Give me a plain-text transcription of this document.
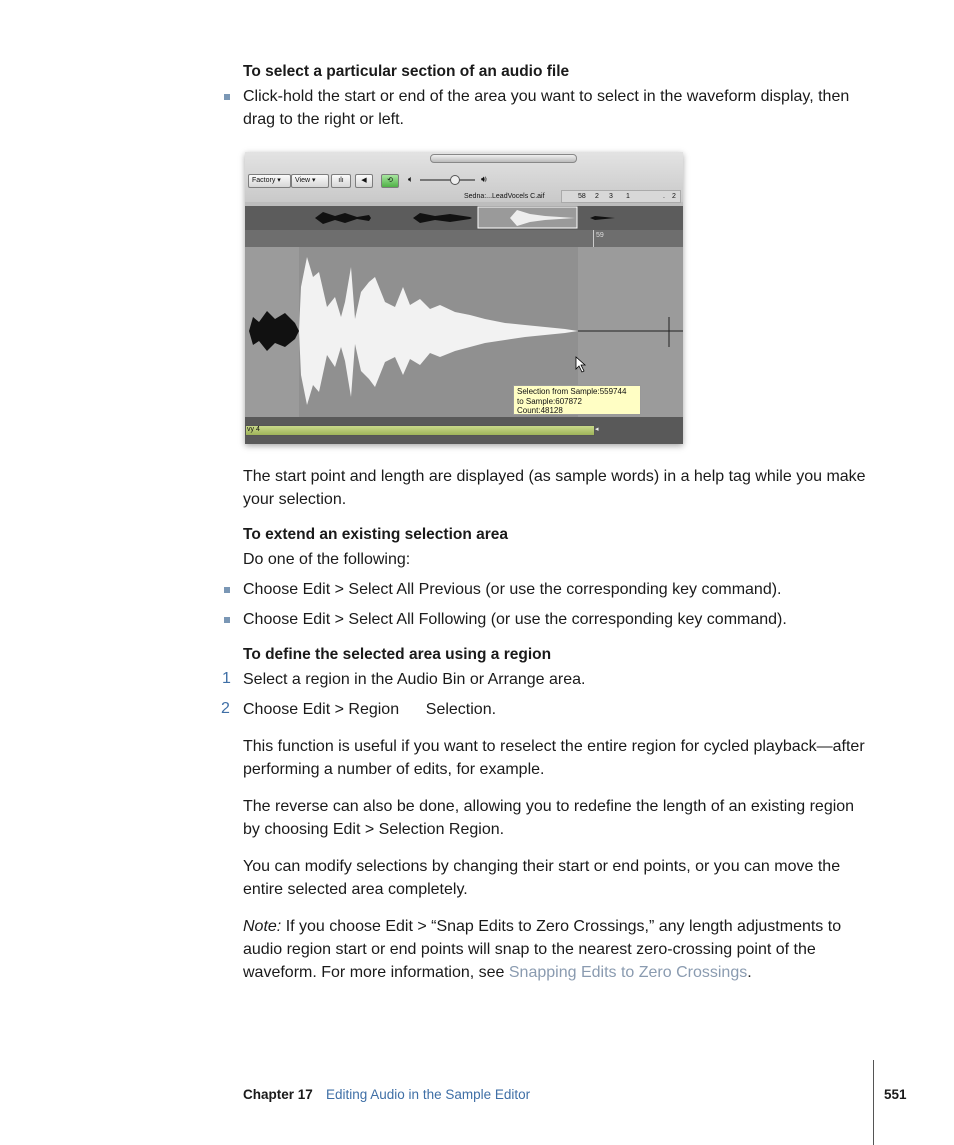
To select a particular section of an audio file
Click-hold the start or end of the area you want to select in the waveform display, then drag to the right or left.
Factory ▾	View ▾	ılı	◀	⟲	🔈︎	🔊︎
Sedna:...LeadVocels C.aif	58 2 3 1	. 2
59
Selection from Sample:559744
to Sample:607872
Count:48128
vy 4	◂
The start point and length are displayed (as sample words) in a help tag while you make your selection.
To extend an existing selection area
Do one of the following:
Choose Edit > Select All Previous (or use the corresponding key command).
Choose Edit > Select All Following (or use the corresponding key command).
To define the selected area using a region
1 Select a region in the Audio Bin or Arrange area.
2 Choose Edit > Region      Selection.
This function is useful if you want to reselect the entire region for cycled playback—after performing a number of edits, for example.
The reverse can also be done, allowing you to redefine the length of an existing region by choosing Edit > Selection Region.
You can modify selections by changing their start or end points, or you can move the entire selected area completely.
Note: If you choose Edit > “Snap Edits to Zero Crossings,” any length adjustments to audio region start or end points will snap to the nearest zero-crossing point of the waveform. For more information, see Snapping Edits to Zero Crossings.
Chapter 17 Editing Audio in the Sample Editor	551
